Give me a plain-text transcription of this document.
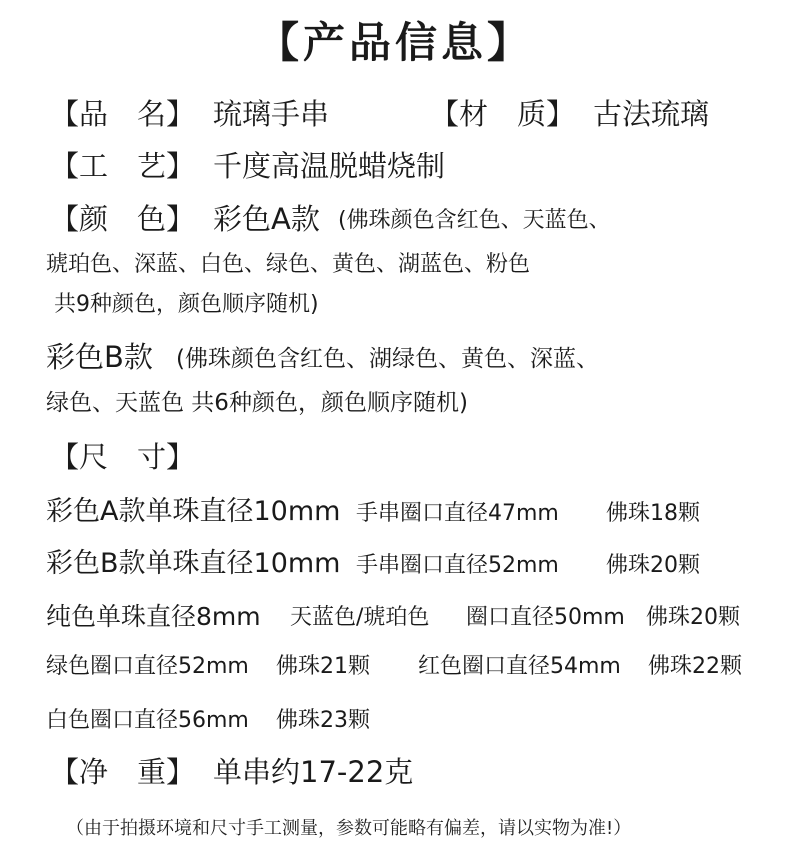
【产品信息】
【品　名】 琉璃手串	【材　质】 古法琉璃
【工　艺】 千度高温脱蜡烧制
【颜　色】 彩色A款 (佛珠颜色含红色、天蓝色、
琥珀色、深蓝、白色、绿色、黄色、湖蓝色、粉色
共9种颜色，颜色顺序随机)
彩色B款 (佛珠颜色含红色、湖绿色、黄色、深蓝、
绿色、天蓝色 共6种颜色，颜色顺序随机)
【尺　寸】
彩色A款单珠直径10mm 手串圈口直径47mm 佛珠18颗
彩色B款单珠直径10mm 手串圈口直径52mm 佛珠20颗
纯色单珠直径8mm 天蓝色/琥珀色 圈口直径50mm 佛珠20颗
绿色圈口直径52mm 佛珠21颗 红色圈口直径54mm 佛珠22颗
白色圈口直径56mm 佛珠23颗
【净　重】 单串约17-22克
（由于拍摄环境和尺寸手工测量，参数可能略有偏差，请以实物为准!）
